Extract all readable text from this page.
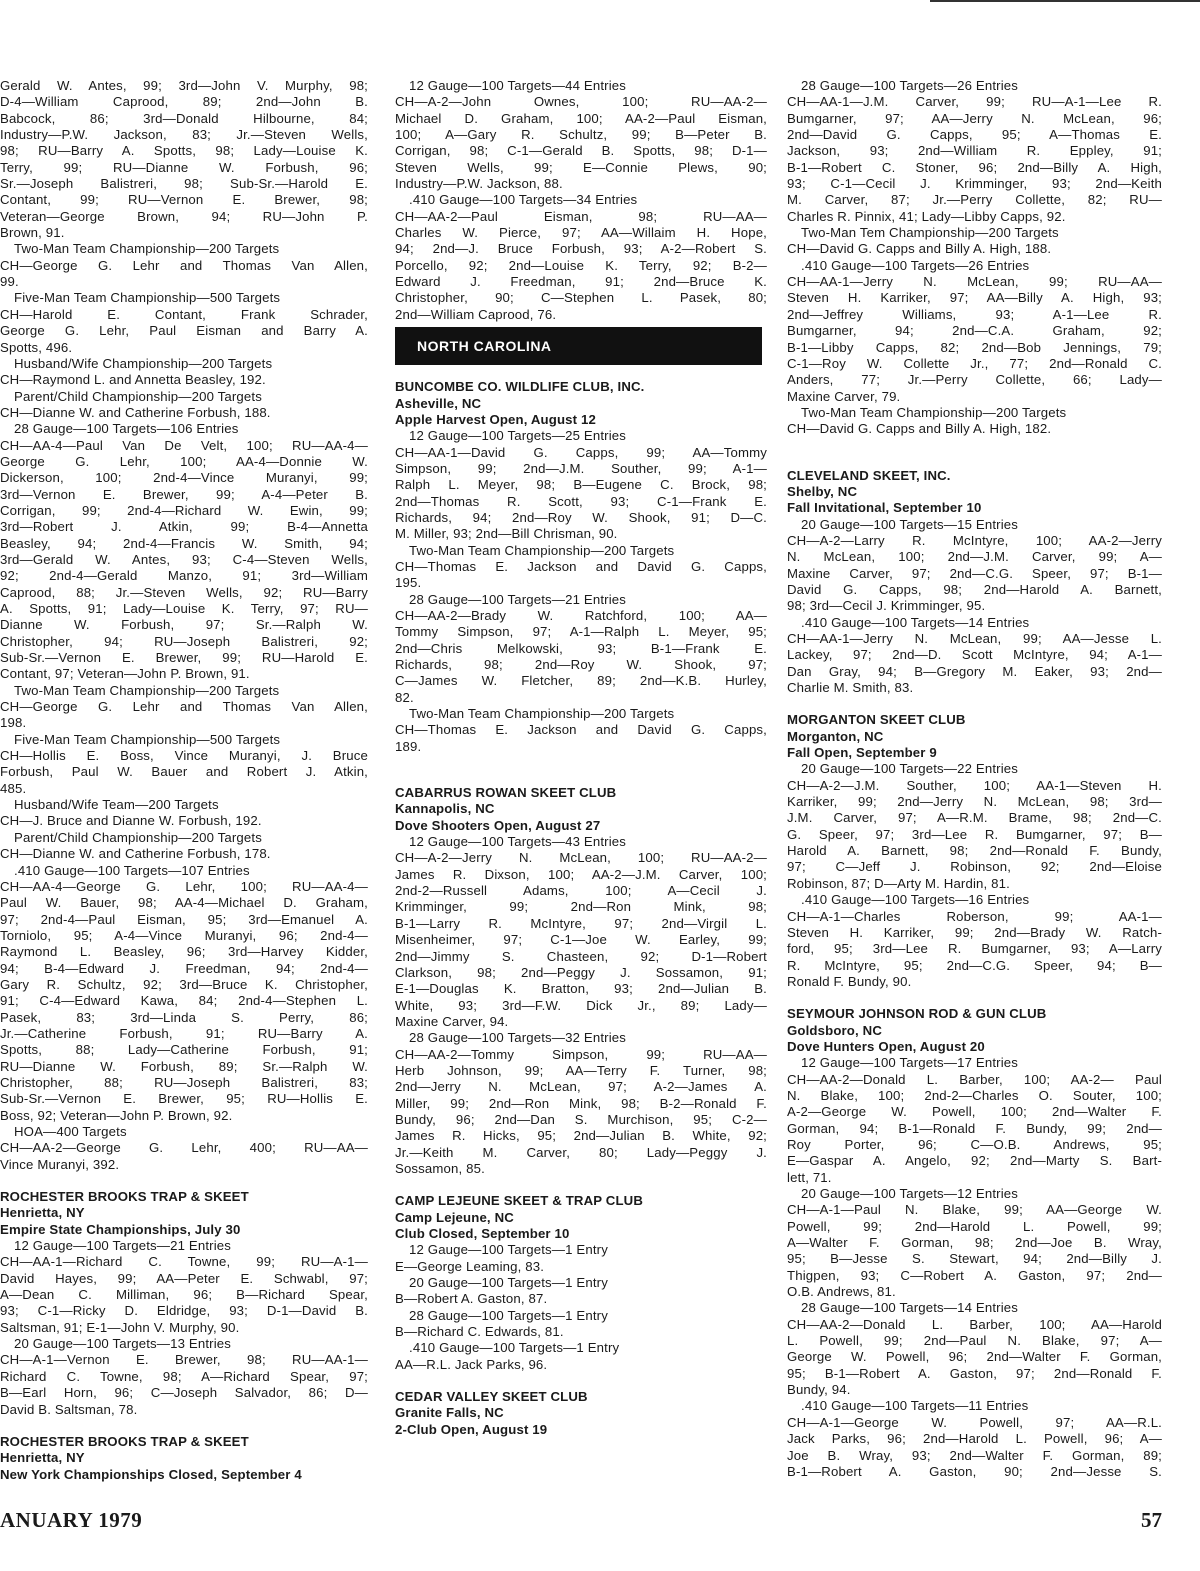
Gerald W. Antes, 99; 3rd—John V. Murphy, 98;
D-4—William Caprood, 89; 2nd—John B.
Babcock, 86; 3rd—Donald Hilbourne, 84;
Industry—P.W. Jackson, 83; Jr.—Steven Wells,
98; RU—Barry A. Spotts, 98; Lady—Louise K.
Terry, 99; RU—Dianne W. Forbush, 96;
Sr.—Joseph Balistreri, 98; Sub-Sr.—Harold E.
Contant, 99; RU—Vernon E. Brewer, 98;
Veteran—George Brown, 94; RU—John P.
Brown, 91.
Two-Man Team Championship—200 Targets
CH—George G. Lehr and Thomas Van Allen,
99.
Five-Man Team Championship—500 Targets
CH—Harold E. Contant, Frank Schrader,
George G. Lehr, Paul Eisman and Barry A.
Spotts, 496.
Husband/Wife Championship—200 Targets
CH—Raymond L. and Annetta Beasley, 192.
Parent/Child Championship—200 Targets
CH—Dianne W. and Catherine Forbush, 188.
28 Gauge—100 Targets—106 Entries
CH—AA-4—Paul Van De Velt, 100; RU—AA-4—
George G. Lehr, 100; AA-4—Donnie W.
Dickerson, 100; 2nd-4—Vince Muranyi, 99;
3rd—Vernon E. Brewer, 99; A-4—Peter B.
Corrigan, 99; 2nd-4—Richard W. Ewin, 99;
3rd—Robert J. Atkin, 99; B-4—Annetta
Beasley, 94; 2nd-4—Francis W. Smith, 94;
3rd—Gerald W. Antes, 93; C-4—Steven Wells,
92; 2nd-4—Gerald Manzo, 91; 3rd—William
Caprood, 88; Jr.—Steven Wells, 92; RU—Barry
A. Spotts, 91; Lady—Louise K. Terry, 97; RU—
Dianne W. Forbush, 97; Sr.—Ralph W.
Christopher, 94; RU—Joseph Balistreri, 92;
Sub-Sr.—Vernon E. Brewer, 99; RU—Harold E.
Contant, 97; Veteran—John P. Brown, 91.
Two-Man Team Championship—200 Targets
CH—George G. Lehr and Thomas Van Allen,
198.
Five-Man Team Championship—500 Targets
CH—Hollis E. Boss, Vince Muranyi, J. Bruce
Forbush, Paul W. Bauer and Robert J. Atkin,
485.
Husband/Wife Team—200 Targets
CH—J. Bruce and Dianne W. Forbush, 192.
Parent/Child Championship—200 Targets
CH—Dianne W. and Catherine Forbush, 178.
.410 Gauge—100 Targets—107 Entries
CH—AA-4—George G. Lehr, 100; RU—AA-4—
Paul W. Bauer, 98; AA-4—Michael D. Graham,
97; 2nd-4—Paul Eisman, 95; 3rd—Emanuel A.
Torniolo, 95; A-4—Vince Muranyi, 96; 2nd-4—
Raymond L. Beasley, 96; 3rd—Harvey Kidder,
94; B-4—Edward J. Freedman, 94; 2nd-4—
Gary R. Schultz, 92; 3rd—Bruce K. Christopher,
91; C-4—Edward Kawa, 84; 2nd-4—Stephen L.
Pasek, 83; 3rd—Linda S. Perry, 86;
Jr.—Catherine Forbush, 91; RU—Barry A.
Spotts, 88; Lady—Catherine Forbush, 91;
RU—Dianne W. Forbush, 89; Sr.—Ralph W.
Christopher, 88; RU—Joseph Balistreri, 83;
Sub-Sr.—Vernon E. Brewer, 95; RU—Hollis E.
Boss, 92; Veteran—John P. Brown, 92.
HOA—400 Targets
CH—AA-2—George G. Lehr, 400; RU—AA—
Vince Muranyi, 392.
ROCHESTER BROOKS TRAP & SKEET
Henrietta, NY
Empire State Championships, July 30
12 Gauge—100 Targets—21 Entries
CH—AA-1—Richard C. Towne, 99; RU—A-1—
David Hayes, 99; AA—Peter E. Schwabl, 97;
A—Dean C. Milliman, 96; B—Richard Spear,
93; C-1—Ricky D. Eldridge, 93; D-1—David B.
Saltsman, 91; E-1—John V. Murphy, 90.
20 Gauge—100 Targets—13 Entries
CH—A-1—Vernon E. Brewer, 98; RU—AA-1—
Richard C. Towne, 98; A—Richard Spear, 97;
B—Earl Horn, 96; C—Joseph Salvador, 86; D—
David B. Saltsman, 78.
ROCHESTER BROOKS TRAP & SKEET
Henrietta, NY
New York Championships Closed, September 4
12 Gauge—100 Targets—44 Entries
CH—A-2—John Ownes, 100; RU—AA-2—
Michael D. Graham, 100; AA-2—Paul Eisman,
100; A—Gary R. Schultz, 99; B—Peter B.
Corrigan, 98; C-1—Gerald B. Spotts, 98; D-1—
Steven Wells, 99; E—Connie Plews, 90;
Industry—P.W. Jackson, 88.
.410 Gauge—100 Targets—34 Entries
CH—AA-2—Paul Eisman, 98; RU—AA—
Charles W. Pierce, 97; AA—Willaim H. Hope,
94; 2nd—J. Bruce Forbush, 93; A-2—Robert S.
Porcello, 92; 2nd—Louise K. Terry, 92; B-2—
Edward J. Freedman, 91; 2nd—Bruce K.
Christopher, 90; C—Stephen L. Pasek, 80;
2nd—William Caprood, 76.
NORTH CAROLINA
BUNCOMBE CO. WILDLIFE CLUB, INC.
Asheville, NC
Apple Harvest Open, August 12
12 Gauge—100 Targets—25 Entries
CH—AA-1—David G. Capps, 99; AA—Tommy
Simpson, 99; 2nd—J.M. Souther, 99; A-1—
Ralph L. Meyer, 98; B—Eugene C. Brock, 98;
2nd—Thomas R. Scott, 93; C-1—Frank E.
Richards, 94; 2nd—Roy W. Shook, 91; D—C.
M. Miller, 93; 2nd—Bill Chrisman, 90.
Two-Man Team Championship—200 Targets
CH—Thomas E. Jackson and David G. Capps,
195.
28 Gauge—100 Targets—21 Entries
CH—AA-2—Brady W. Ratchford, 100; AA—
Tommy Simpson, 97; A-1—Ralph L. Meyer, 95;
2nd—Chris Melkowski, 93; B-1—Frank E.
Richards, 98; 2nd—Roy W. Shook, 97;
C—James W. Fletcher, 89; 2nd—K.B. Hurley,
82.
Two-Man Team Championship—200 Targets
CH—Thomas E. Jackson and David G. Capps,
189.
CABARRUS ROWAN SKEET CLUB
Kannapolis, NC
Dove Shooters Open, August 27
12 Gauge—100 Targets—43 Entries
CH—A-2—Jerry N. McLean, 100; RU—AA-2—
James R. Dixson, 100; AA-2—J.M. Carver, 100;
2nd-2—Russell Adams, 100; A—Cecil J.
Krimminger, 99; 2nd—Ron Mink, 98;
B-1—Larry R. McIntyre, 97; 2nd—Virgil L.
Misenheimer, 97; C-1—Joe W. Earley, 99;
2nd—Jimmy S. Chasteen, 92; D-1—Robert
Clarkson, 98; 2nd—Peggy J. Sossamon, 91;
E-1—Douglas K. Bratton, 93; 2nd—Julian B.
White, 93; 3rd—F.W. Dick Jr., 89; Lady—
Maxine Carver, 94.
28 Gauge—100 Targets—32 Entries
CH—AA-2—Tommy Simpson, 99; RU—AA—
Herb Johnson, 99; AA—Terry F. Turner, 98;
2nd—Jerry N. McLean, 97; A-2—James A.
Miller, 99; 2nd—Ron Mink, 98; B-2—Ronald F.
Bundy, 96; 2nd—Dan S. Murchison, 95; C-2—
James R. Hicks, 95; 2nd—Julian B. White, 92;
Jr.—Keith M. Carver, 80; Lady—Peggy J.
Sossamon, 85.
CAMP LEJEUNE SKEET & TRAP CLUB
Camp Lejeune, NC
Club Closed, September 10
12 Gauge—100 Targets—1 Entry
E—George Leaming, 83.
20 Gauge—100 Targets—1 Entry
B—Robert A. Gaston, 87.
28 Gauge—100 Targets—1 Entry
B—Richard C. Edwards, 81.
.410 Gauge—100 Targets—1 Entry
AA—R.L. Jack Parks, 96.
CEDAR VALLEY SKEET CLUB
Granite Falls, NC
2-Club Open, August 19
28 Gauge—100 Targets—26 Entries
CH—AA-1—J.M. Carver, 99; RU—A-1—Lee R.
Bumgarner, 97; AA—Jerry N. McLean, 96;
2nd—David G. Capps, 95; A—Thomas E.
Jackson, 93; 2nd—William R. Eppley, 91;
B-1—Robert C. Stoner, 96; 2nd—Billy A. High,
93; C-1—Cecil J. Krimminger, 93; 2nd—Keith
M. Carver, 87; Jr.—Perry Collette, 82; RU—
Charles R. Pinnix, 41; Lady—Libby Capps, 92.
Two-Man Tem Championship—200 Targets
CH—David G. Capps and Billy A. High, 188.
.410 Gauge—100 Targets—26 Entries
CH—AA-1—Jerry N. McLean, 99; RU—AA—
Steven H. Karriker, 97; AA—Billy A. High, 93;
2nd—Jeffrey Williams, 93; A-1—Lee R.
Bumgarner, 94; 2nd—C.A. Graham, 92;
B-1—Libby Capps, 82; 2nd—Bob Jennings, 79;
C-1—Roy W. Collette Jr., 77; 2nd—Ronald C.
Anders, 77; Jr.—Perry Collette, 66; Lady—
Maxine Carver, 79.
Two-Man Team Championship—200 Targets
CH—David G. Capps and Billy A. High, 182.
CLEVELAND SKEET, INC.
Shelby, NC
Fall Invitational, September 10
20 Gauge—100 Targets—15 Entries
CH—A-2—Larry R. McIntyre, 100; AA-2—Jerry
N. McLean, 100; 2nd—J.M. Carver, 99; A—
Maxine Carver, 97; 2nd—C.G. Speer, 97; B-1—
David G. Capps, 98; 2nd—Harold A. Barnett,
98; 3rd—Cecil J. Krimminger, 95.
.410 Gauge—100 Targets—14 Entries
CH—AA-1—Jerry N. McLean, 99; AA—Jesse L.
Lackey, 97; 2nd—D. Scott McIntyre, 94; A-1—
Dan Gray, 94; B—Gregory M. Eaker, 93; 2nd—
Charlie M. Smith, 83.
MORGANTON SKEET CLUB
Morganton, NC
Fall Open, September 9
20 Gauge—100 Targets—22 Entries
CH—A-2—J.M. Souther, 100; AA-1—Steven H.
Karriker, 99; 2nd—Jerry N. McLean, 98; 3rd—
J.M. Carver, 97; A—R.M. Brame, 98; 2nd—C.
G. Speer, 97; 3rd—Lee R. Bumgarner, 97; B—
Harold A. Barnett, 98; 2nd—Ronald F. Bundy,
97; C—Jeff J. Robinson, 92; 2nd—Eloise
Robinson, 87; D—Arty M. Hardin, 81.
.410 Gauge—100 Targets—16 Entries
CH—A-1—Charles Roberson, 99; AA-1—
Steven H. Karriker, 99; 2nd—Brady W. Ratch-
ford, 95; 3rd—Lee R. Bumgarner, 93; A—Larry
R. McIntyre, 95; 2nd—C.G. Speer, 94; B—
Ronald F. Bundy, 90.
SEYMOUR JOHNSON ROD & GUN CLUB
Goldsboro, NC
Dove Hunters Open, August 20
12 Gauge—100 Targets—17 Entries
CH—AA-2—Donald L. Barber, 100; AA-2— Paul
N. Blake, 100; 2nd-2—Charles O. Souter, 100;
A-2—George W. Powell, 100; 2nd—Walter F.
Gorman, 94; B-1—Ronald F. Bundy, 99; 2nd—
Roy Porter, 96; C—O.B. Andrews, 95;
E—Gaspar A. Angelo, 92; 2nd—Marty S. Bart-
lett, 71.
20 Gauge—100 Targets—12 Entries
CH—A-1—Paul N. Blake, 99; AA—George W.
Powell, 99; 2nd—Harold L. Powell, 99;
A—Walter F. Gorman, 98; 2nd—Joe B. Wray,
95; B—Jesse S. Stewart, 94; 2nd—Billy J.
Thigpen, 93; C—Robert A. Gaston, 97; 2nd—
O.B. Andrews, 81.
28 Gauge—100 Targets—14 Entries
CH—AA-2—Donald L. Barber, 100; AA—Harold
L. Powell, 99; 2nd—Paul N. Blake, 97; A—
George W. Powell, 96; 2nd—Walter F. Gorman,
95; B-1—Robert A. Gaston, 97; 2nd—Ronald F.
Bundy, 94.
.410 Gauge—100 Targets—11 Entries
CH—A-1—George W. Powell, 97; AA—R.L.
Jack Parks, 96; 2nd—Harold L. Powell, 96; A—
Joe B. Wray, 93; 2nd—Walter F. Gorman, 89;
B-1—Robert A. Gaston, 90; 2nd—Jesse S.
ANUARY 1979	57
